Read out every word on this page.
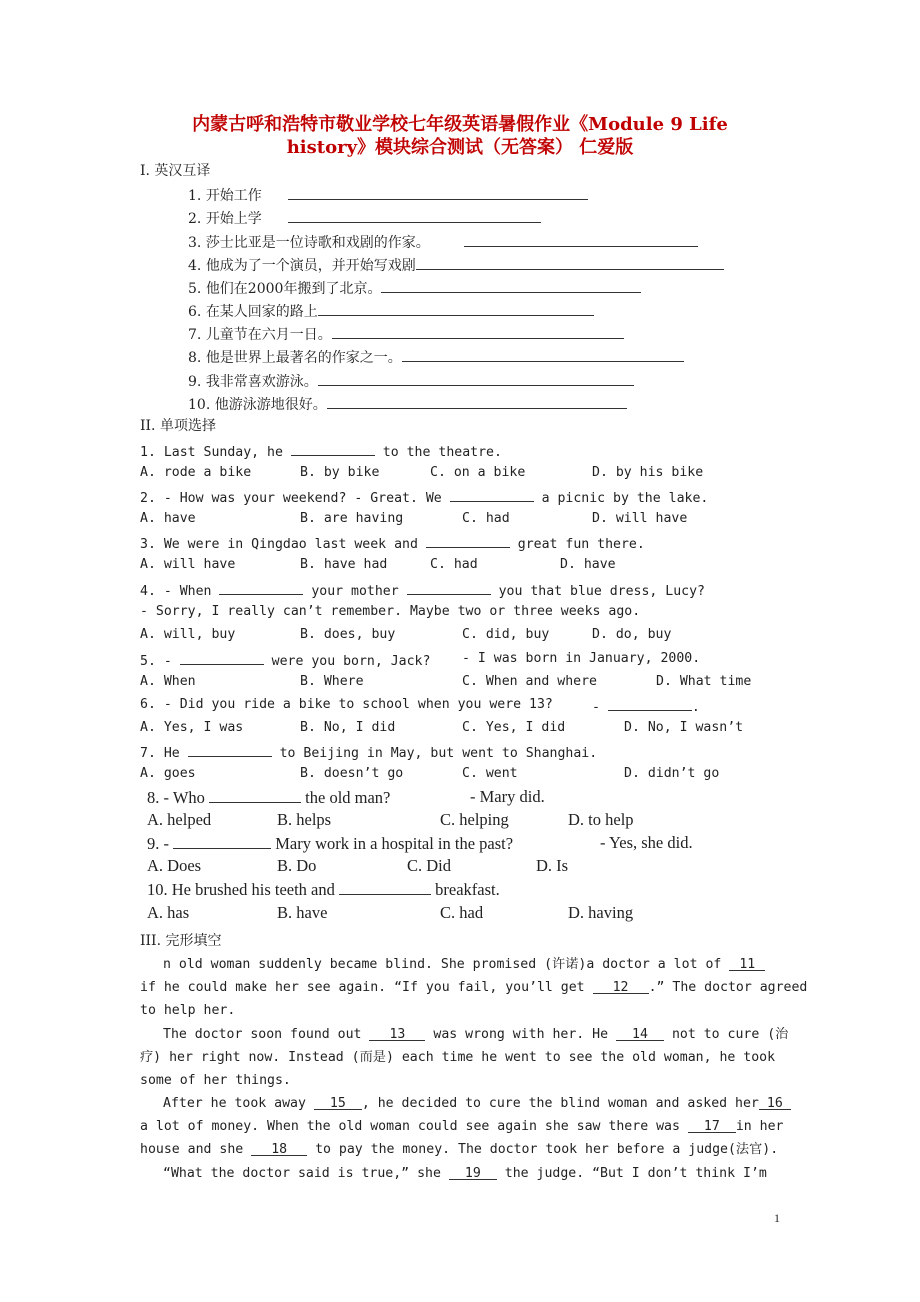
内蒙古呼和浩特市敬业学校七年级英语暑假作业《Module 9 Life
history》模块综合测试（无答案） 仁爱版
I. 英汉互译
1. 开始工作
2. 开始上学
3. 莎士比亚是一位诗歌和戏剧的作家。
4. 他成为了一个演员，并开始写戏剧
5. 他们在2000年搬到了北京。
6. 在某人回家的路上
7. 儿童节在六月一日。
8. 他是世界上最著名的作家之一。
9. 我非常喜欢游泳。
10. 他游泳游地很好。
II. 单项选择
1. Last Sunday, he	to the theatre.
A. rode a bike	B. by bike	C. on a bike	D. by his bike
2. - How was your weekend? - Great. We	a picnic by the lake.
A. have	B. are having	C. had	D. will have
3. We were in Qingdao last week and	great fun there.
A. will have	B. have had	C. had	D. have
4. - When	your mother	you that blue dress, Lucy?
- Sorry, I really can’t remember. Maybe two or three weeks ago.
A. will, buy	B. does, buy	C. did, buy	D. do, buy
5. -	were you born, Jack? - I was born in January, 2000.
A. When	B. Where	C. When and where	D. What time
6. - Did you ride a bike to school when you were 13?	-	.
A. Yes, I was	B. No, I did	C. Yes, I did	D. No, I wasn’t
7. He	to Beijing in May, but went to Shanghai.
A. goes	B. doesn’t go	C. went	D. didn’t go
8. - Who	the old man?	- Mary did.
A. helped	B. helps	C. helping	D. to help
9. -	Mary work in a hospital in the past?	- Yes, she did.
A. Does	B. Do	C. Did	D. Is
10. He brushed his teeth and	breakfast.
A. has	B. have	C. had	D. having
III. 完形填空
n old woman suddenly became blind. She promised (许诺)a doctor a lot of 11
if he could make her see again. “If you fail, you’ll get 12 .” The doctor agreed
to help her.
The doctor soon found out 13 was wrong with her. He 14 not to cure (治
疗) her right now. Instead (而是) each time he went to see the old woman, he took
some of her things.
After he took away 15 , he decided to cure the blind woman and asked her 16
a lot of money. When the old woman could see again she saw there was 17 in her
house and she 18 to pay the money. The doctor took her before a judge(法官).
“What the doctor said is true,” she 19 the judge. “But I don’t think I’m
1
